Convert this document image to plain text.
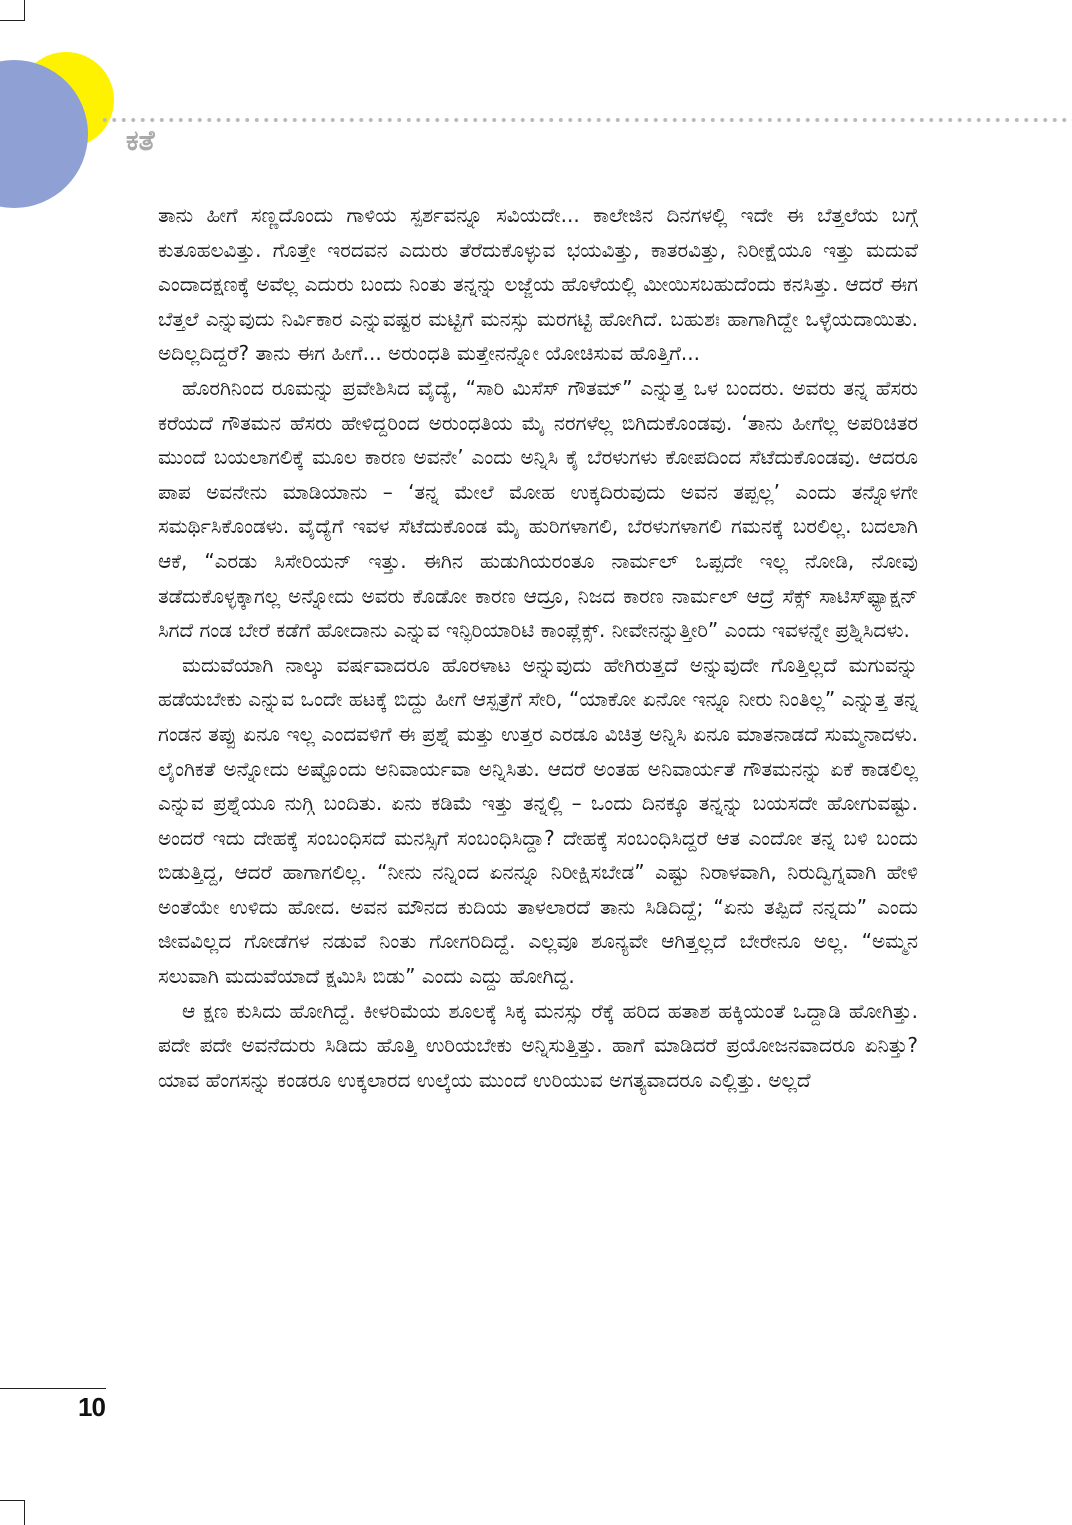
ಕತೆ

ತಾನು ಹೀಗೆ ಸಣ್ಣದೊಂದು ಗಾಳಿಯ ಸ್ಪರ್ಶವನ್ನೂ ಸವಿಯದೇ... ಕಾಲೇಜಿನ ದಿನಗಳಲ್ಲಿ ಇದೇ ಈ ಬೆತ್ತಲೆಯ ಬಗ್ಗೆ ಕುತೂಹಲವಿತ್ತು. ಗೊತ್ತೇ ಇರದವನ ಎದುರು ತೆರೆದುಕೊಳ್ಳುವ ಭಯವಿತ್ತು, ಕಾತರವಿತ್ತು, ನಿರೀಕ್ಷೆಯೂ ಇತ್ತು ಮದುವೆ ಎಂದಾದಕ್ಷಣಕ್ಕೆ ಅವೆಲ್ಲ ಎದುರು ಬಂದು ನಿಂತು ತನ್ನನ್ನು ಲಜ್ಜೆಯ ಹೊಳೆಯಲ್ಲಿ ಮೀಯಿಸಬಹುದೆಂದು ಕನಸಿತ್ತು. ಆದರೆ ಈಗ ಬೆತ್ತಲೆ ಎನ್ನುವುದು ನಿರ್ವಿಕಾರ ಎನ್ನುವಷ್ಟರ ಮಟ್ಟಿಗೆ ಮನಸ್ಸು ಮರಗಟ್ಟಿ ಹೋಗಿದೆ. ಬಹುಶಃ ಹಾಗಾಗಿದ್ದೇ ಒಳ್ಳೆಯದಾಯಿತು. ಅದಿಲ್ಲದಿದ್ದರೆ? ತಾನು ಈಗ ಹೀಗೆ... ಅರುಂಧತಿ ಮತ್ತೇನನ್ನೋ ಯೋಚಿಸುವ ಹೊತ್ತಿಗೆ...

ಹೊರಗಿನಿಂದ ರೂಮನ್ನು ಪ್ರವೇಶಿಸಿದ ವೈದ್ಯೆ, “ಸಾರಿ ಮಿಸೆಸ್ ಗೌತಮ್” ಎನ್ನುತ್ತ ಒಳ ಬಂದರು. ಅವರು ತನ್ನ ಹೆಸರು ಕರೆಯದೆ ಗೌತಮನ ಹೆಸರು ಹೇಳಿದ್ದರಿಂದ ಅರುಂಧತಿಯ ಮೈ ನರಗಳೆಲ್ಲ ಬಿಗಿದುಕೊಂಡವು. ‘ತಾನು ಹೀಗೆಲ್ಲ ಅಪರಿಚಿತರ ಮುಂದೆ ಬಯಲಾಗಲಿಕ್ಕೆ ಮೂಲ ಕಾರಣ ಅವನೇ’ ಎಂದು ಅನ್ನಿಸಿ ಕೈ ಬೆರಳುಗಳು ಕೋಪದಿಂದ ಸೆಟೆದುಕೊಂಡವು. ಆದರೂ ಪಾಪ ಅವನೇನು ಮಾಡಿಯಾನು – ‘ತನ್ನ ಮೇಲೆ ಮೋಹ ಉಕ್ಕದಿರುವುದು ಅವನ ತಪ್ಪಲ್ಲ’ ಎಂದು ತನ್ನೊಳಗೇ ಸಮರ್ಥಿಸಿಕೊಂಡಳು. ವೈದ್ಯೆಗೆ ಇವಳ ಸೆಟೆದುಕೊಂಡ ಮೈ ಹುರಿಗಳಾಗಲಿ, ಬೆರಳುಗಳಾಗಲಿ ಗಮನಕ್ಕೆ ಬರಲಿಲ್ಲ. ಬದಲಾಗಿ ಆಕೆ, “ಎರಡು ಸಿಸೇರಿಯನ್ ಇತ್ತು. ಈಗಿನ ಹುಡುಗಿಯರಂತೂ ನಾರ್ಮಲ್ ಒಪ್ಪದೇ ಇಲ್ಲ ನೋಡಿ, ನೋವು ತಡೆದುಕೊಳ್ಳಕ್ಕಾಗಲ್ಲ ಅನ್ನೋದು ಅವರು ಕೊಡೋ ಕಾರಣ ಆದ್ರೂ, ನಿಜದ ಕಾರಣ ನಾರ್ಮಲ್ ಆದ್ರೆ ಸೆಕ್ಸ್ ಸಾಟಿಸ್‌ಫ್ಯಾಕ್ಷನ್ ಸಿಗದೆ ಗಂಡ ಬೇರೆ ಕಡೆಗೆ ಹೋದಾನು ಎನ್ನುವ ಇನ್ಫಿರಿಯಾರಿಟಿ ಕಾಂಪ್ಲೆಕ್ಸ್. ನೀವೇನನ್ನುತ್ತೀರಿ” ಎಂದು ಇವಳನ್ನೇ ಪ್ರಶ್ನಿಸಿದಳು.

ಮದುವೆಯಾಗಿ ನಾಲ್ಕು ವರ್ಷವಾದರೂ ಹೊರಳಾಟ ಅನ್ನುವುದು ಹೇಗಿರುತ್ತದೆ ಅನ್ನುವುದೇ ಗೊತ್ತಿಲ್ಲದೆ ಮಗುವನ್ನು ಹಡೆಯಬೇಕು ಎನ್ನುವ ಒಂದೇ ಹಟಕ್ಕೆ ಬಿದ್ದು ಹೀಗೆ ಆಸ್ಪತ್ರೆಗೆ ಸೇರಿ, “ಯಾಕೋ ಏನೋ ಇನ್ನೂ ನೀರು ನಿಂತಿಲ್ಲ” ಎನ್ನುತ್ತ ತನ್ನ ಗಂಡನ ತಪ್ಪು ಏನೂ ಇಲ್ಲ ಎಂದವಳಿಗೆ ಈ ಪ್ರಶ್ನೆ ಮತ್ತು ಉತ್ತರ ಎರಡೂ ವಿಚಿತ್ರ ಅನ್ನಿಸಿ ಏನೂ ಮಾತನಾಡದೆ ಸುಮ್ಮನಾದಳು. ಲೈಂಗಿಕತೆ ಅನ್ನೋದು ಅಷ್ಟೊಂದು ಅನಿವಾರ್ಯವಾ ಅನ್ನಿಸಿತು. ಆದರೆ ಅಂತಹ ಅನಿವಾರ್ಯತೆ ಗೌತಮನನ್ನು ಏಕೆ ಕಾಡಲಿಲ್ಲ ಎನ್ನುವ ಪ್ರಶ್ನೆಯೂ ನುಗ್ಗಿ ಬಂದಿತು. ಏನು ಕಡಿಮೆ ಇತ್ತು ತನ್ನಲ್ಲಿ – ಒಂದು ದಿನಕ್ಕೂ ತನ್ನನ್ನು ಬಯಸದೇ ಹೋಗುವಷ್ಟು. ಅಂದರೆ ಇದು ದೇಹಕ್ಕೆ ಸಂಬಂಧಿಸದೆ ಮನಸ್ಸಿಗೆ ಸಂಬಂಧಿಸಿದ್ದಾ? ದೇಹಕ್ಕೆ ಸಂಬಂಧಿಸಿದ್ದರೆ ಆತ ಎಂದೋ ತನ್ನ ಬಳಿ ಬಂದು ಬಿಡುತ್ತಿದ್ದ, ಆದರೆ ಹಾಗಾಗಲಿಲ್ಲ. “ನೀನು ನನ್ನಿಂದ ಏನನ್ನೂ ನಿರೀಕ್ಷಿಸಬೇಡ” ಎಷ್ಟು ನಿರಾಳವಾಗಿ, ನಿರುದ್ವಿಗ್ನವಾಗಿ ಹೇಳಿ ಅಂತೆಯೇ ಉಳಿದು ಹೋದ. ಅವನ ಮೌನದ ಕುದಿಯ ತಾಳಲಾರದೆ ತಾನು ಸಿಡಿದಿದ್ದೆ; “ಏನು ತಪ್ಪಿದೆ ನನ್ನದು” ಎಂದು ಜೀವವಿಲ್ಲದ ಗೋಡೆಗಳ ನಡುವೆ ನಿಂತು ಗೋಗರಿದಿದ್ದೆ. ಎಲ್ಲವೂ ಶೂನ್ಯವೇ ಆಗಿತ್ತಲ್ಲದೆ ಬೇರೇನೂ ಅಲ್ಲ. “ಅಮ್ಮನ ಸಲುವಾಗಿ ಮದುವೆಯಾದೆ ಕ್ಷಮಿಸಿ ಬಿಡು” ಎಂದು ಎದ್ದು ಹೋಗಿದ್ದ.

ಆ ಕ್ಷಣ ಕುಸಿದು ಹೋಗಿದ್ದೆ. ಕೀಳರಿಮೆಯ ಶೂಲಕ್ಕೆ ಸಿಕ್ಕ ಮನಸ್ಸು ರೆಕ್ಕೆ ಹರಿದ ಹತಾಶ ಹಕ್ಕಿಯಂತೆ ಒದ್ದಾಡಿ ಹೋಗಿತ್ತು. ಪದೇ ಪದೇ ಅವನೆದುರು ಸಿಡಿದು ಹೊತ್ತಿ ಉರಿಯಬೇಕು ಅನ್ನಿಸುತ್ತಿತ್ತು. ಹಾಗೆ ಮಾಡಿದರೆ ಪ್ರಯೋಜನವಾದರೂ ಏನಿತ್ತು? ಯಾವ ಹೆಂಗಸನ್ನು ಕಂಡರೂ ಉಕ್ಕಲಾರದ ಉಲ್ಕೆಯ ಮುಂದೆ ಉರಿಯುವ ಅಗತ್ಯವಾದರೂ ಎಲ್ಲಿತ್ತು. ಅಲ್ಲದೆ

10
